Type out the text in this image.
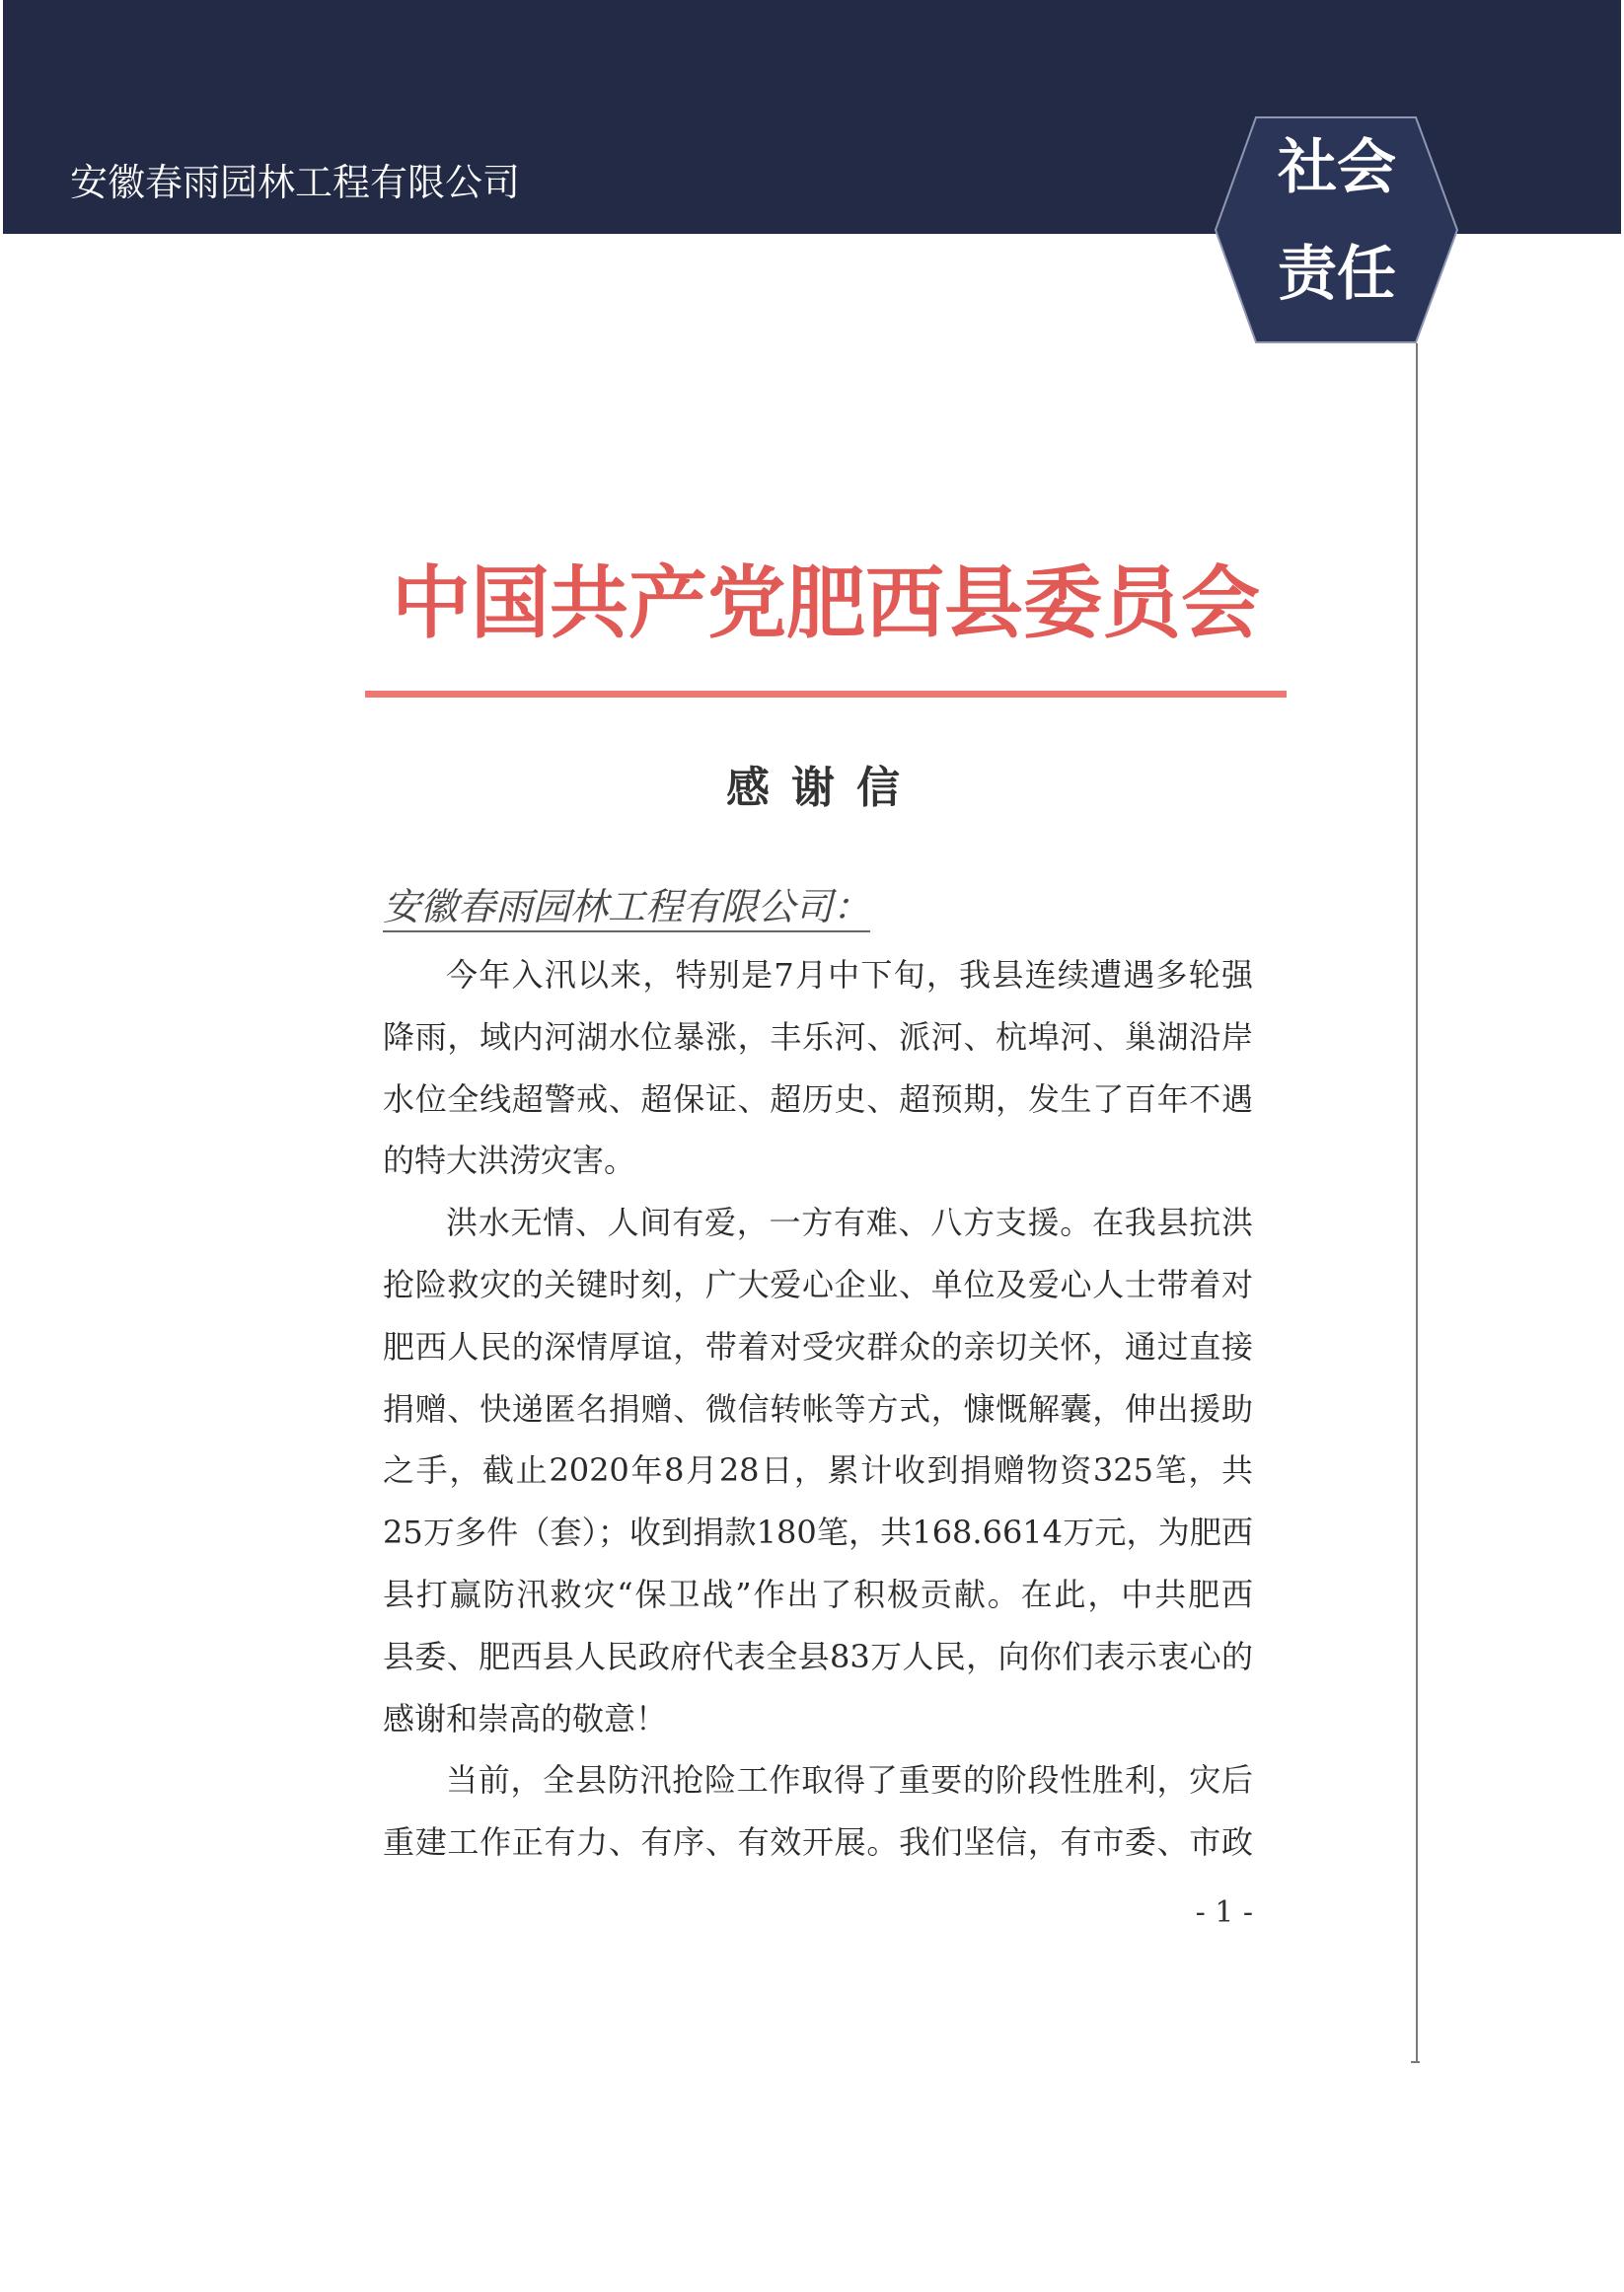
安徽春雨园林工程有限公司	社会
责任
中国共产党肥西县委员会
感谢信
安徽春雨园林工程有限公司：
今年入汛以来，特别是7月中下旬，我县连续遭遇多轮强
降雨，域内河湖水位暴涨，丰乐河、派河、杭埠河、巢湖沿岸
水位全线超警戒、超保证、超历史、超预期，发生了百年不遇
的特大洪涝灾害。
洪水无情、人间有爱，一方有难、八方支援。在我县抗洪
抢险救灾的关键时刻，广大爱心企业、单位及爱心人士带着对
肥西人民的深情厚谊，带着对受灾群众的亲切关怀，通过直接
捐赠、快递匿名捐赠、微信转帐等方式，慷慨解囊，伸出援助
之手，截止2020年8月28日，累计收到捐赠物资325笔，共
25万多件（套）；收到捐款180笔，共168.6614万元，为肥西
县打赢防汛救灾“保卫战”作出了积极贡献。在此，中共肥西
县委、肥西县人民政府代表全县83万人民，向你们表示衷心的
感谢和崇高的敬意！
当前，全县防汛抢险工作取得了重要的阶段性胜利，灾后
重建工作正有力、有序、有效开展。我们坚信，有市委、市政
- 1 -
